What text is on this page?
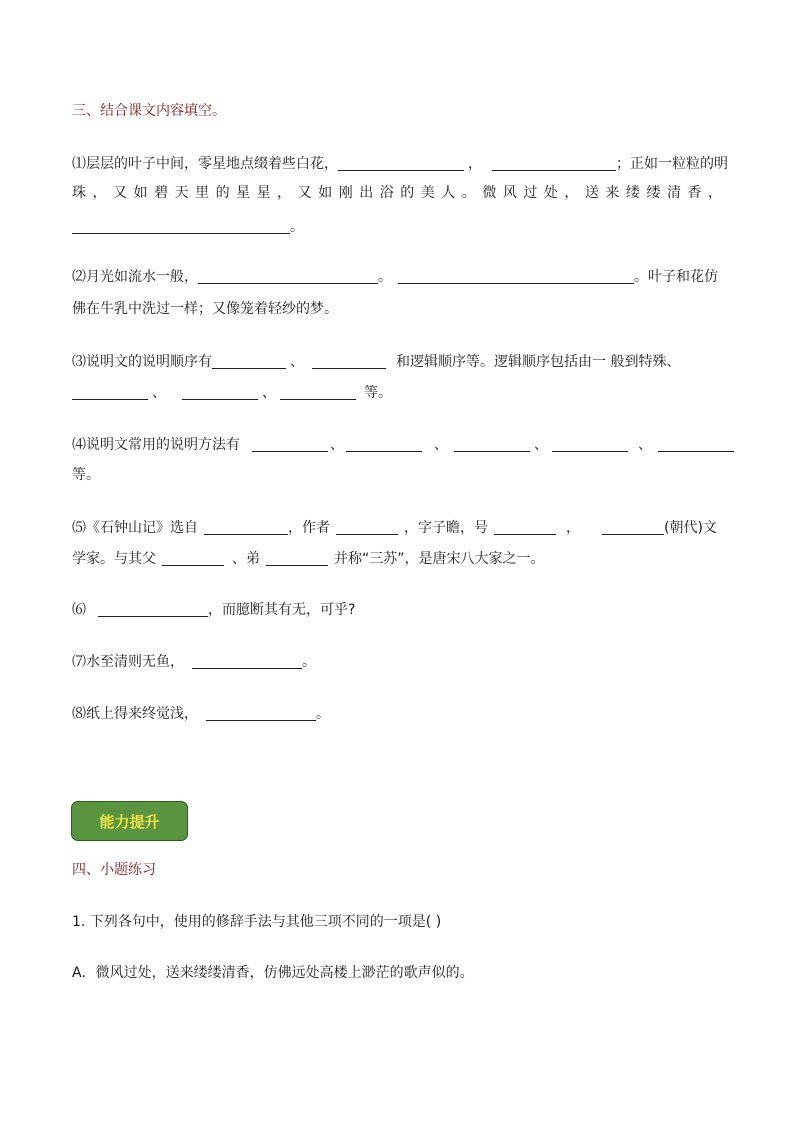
三、结合课文内容填空。
⑴层层的叶子中间，零星地点缀着些白花，	，	；正如一粒粒的明
珠 ， 又 如 碧 天 里 的 星 星 ， 又 如 刚 出 浴 的 美 人 。 微 风 过 处 ， 送 来 缕 缕 清 香 ，
。
⑵月光如流水一般，	。	。叶子和花仿
佛在牛乳中洗过一样；又像笼着轻纱的梦。
⑶说明文的说明顺序有	、	和逻辑顺序等。逻辑顺序包括由一 般到特殊、
、	、	等。
⑷说明文常用的说明方法有	、	、	、	、
等。
⑸《石钟山记》选自	，作者	，字子瞻，号	，	(朝代)文
学家。与其父	、弟	并称“三苏”，是唐宋八大家之一。
⑹	，而臆断其有无，可乎?
⑺水至清则无鱼，	。
⑻纸上得来终觉浅，	。
能力提升
四、小题练习
1. 下列各句中，使用的修辞手法与其他三项不同的一项是( )
A．微风过处，送来缕缕清香，仿佛远处高楼上渺茫的歌声似的。
